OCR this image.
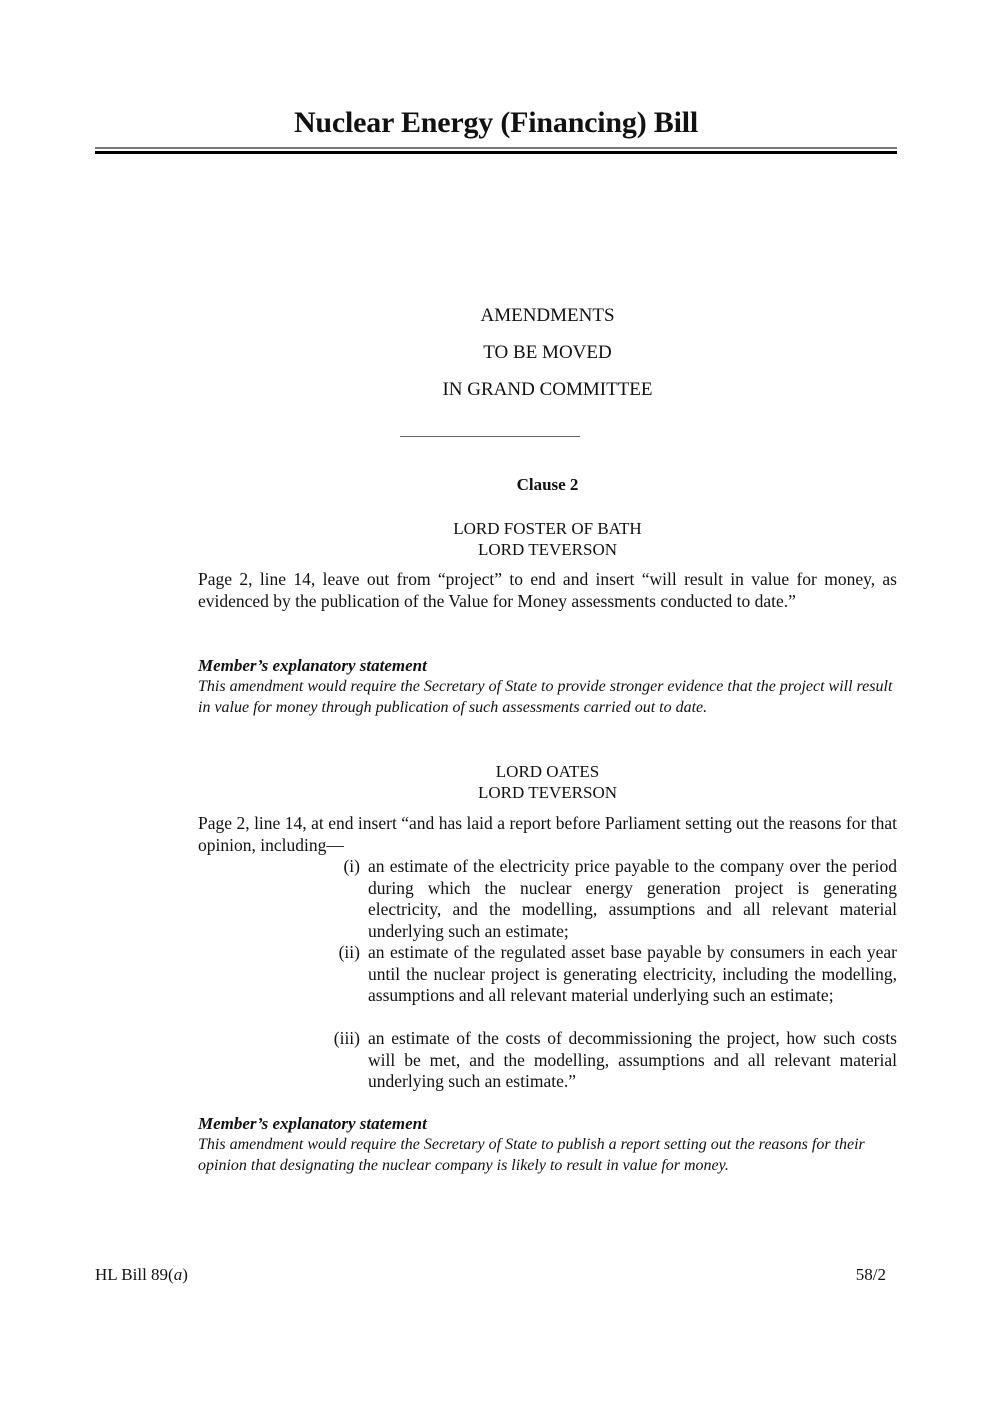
Nuclear Energy (Financing) Bill
AMENDMENTS
TO BE MOVED
IN GRAND COMMITTEE
Clause 2
LORD FOSTER OF BATH
LORD TEVERSON
Page 2, line 14, leave out from “project” to end and insert “will result in value for money, as evidenced by the publication of the Value for Money assessments conducted to date.”
Member’s explanatory statement
This amendment would require the Secretary of State to provide stronger evidence that the project will result in value for money through publication of such assessments carried out to date.
LORD OATES
LORD TEVERSON
Page 2, line 14, at end insert “and has laid a report before Parliament setting out the reasons for that opinion, including—
(i) an estimate of the electricity price payable to the company over the period during which the nuclear energy generation project is generating electricity, and the modelling, assumptions and all relevant material underlying such an estimate;
(ii) an estimate of the regulated asset base payable by consumers in each year until the nuclear project is generating electricity, including the modelling, assumptions and all relevant material underlying such an estimate;
(iii) an estimate of the costs of decommissioning the project, how such costs will be met, and the modelling, assumptions and all relevant material underlying such an estimate.”
Member’s explanatory statement
This amendment would require the Secretary of State to publish a report setting out the reasons for their opinion that designating the nuclear company is likely to result in value for money.
HL Bill 89(a)	58/2
